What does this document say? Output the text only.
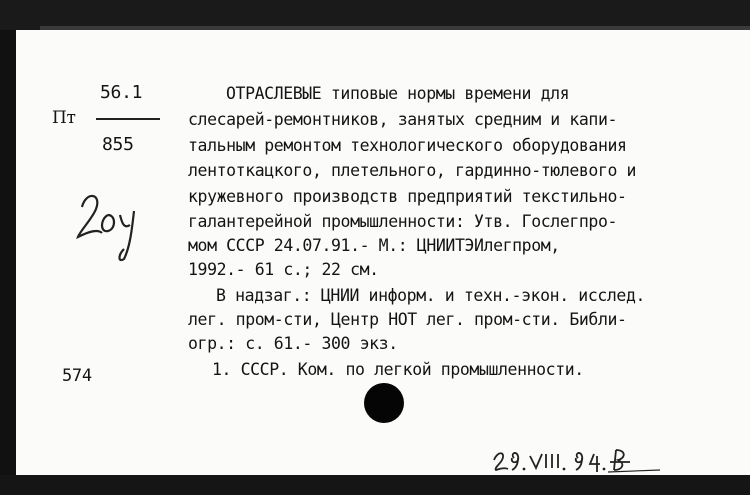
56.1
Пт
855
574
ОТРАСЛЕВЫЕ типовые нормы времени для
слесарей-ремонтников, занятых средним и капи-
тальным ремонтом технологического оборудования
лентоткацкого, плетельного, гардинно-тюлевого и
кружевного производств предприятий текстильно-
галантерейной промышленности: Утв. Гослегпро-
мом СССР 24.07.91.- М.: ЦНИИТЭИлегпром,
1992.- 61 с.; 22 см.
В надзаг.: ЦНИИ информ. и техн.-экон. исслед.
лег. пром-сти, Центр НОТ лег. пром-сти. Библи-
огр.: с. 61.- 300 экз.
1. СССР. Ком. по легкой промышленности.
